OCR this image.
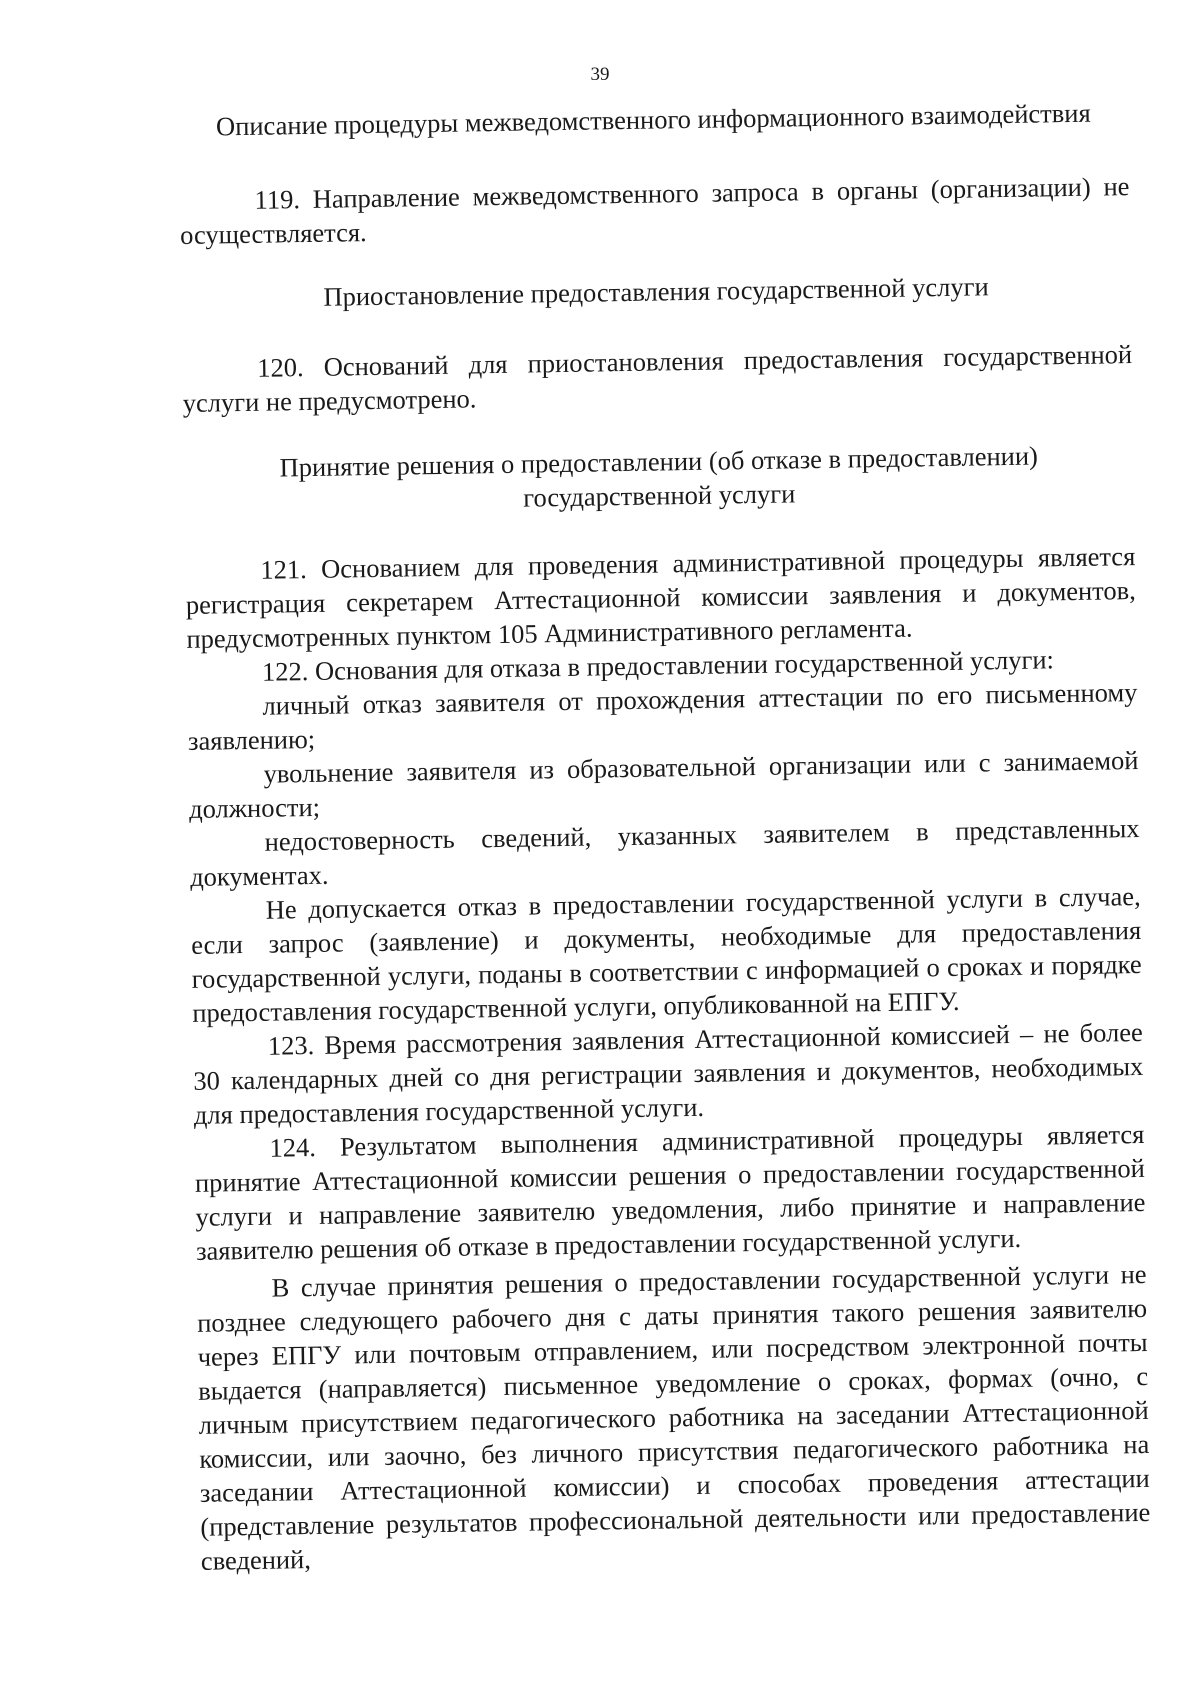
39

Описание процедуры межведомственного информационного взаимодействия

119. Направление межведомственного запроса в органы (организации) не осуществляется.

Приостановление предоставления государственной услуги

120. Оснований для приостановления предоставления государственной услуги не предусмотрено.

Принятие решения о предоставлении (об отказе в предоставлении) государственной услуги

121. Основанием для проведения административной процедуры является регистрация секретарем Аттестационной комиссии заявления и документов, предусмотренных пунктом 105 Административного регламента.

122. Основания для отказа в предоставлении государственной услуги:

личный отказ заявителя от прохождения аттестации по его письменному заявлению;

увольнение заявителя из образовательной организации или с занимаемой должности;

недостоверность сведений, указанных заявителем в представленных документах.

Не допускается отказ в предоставлении государственной услуги в случае, если запрос (заявление) и документы, необходимые для предоставления государственной услуги, поданы в соответствии с информацией о сроках и порядке предоставления государственной услуги, опубликованной на ЕПГУ.

123. Время рассмотрения заявления Аттестационной комиссией – не более 30 календарных дней со дня регистрации заявления и документов, необходимых для предоставления государственной услуги.

124. Результатом выполнения административной процедуры является принятие Аттестационной комиссии решения о предоставлении государственной услуги и направление заявителю уведомления, либо принятие и направление заявителю решения об отказе в предоставлении государственной услуги.

В случае принятия решения о предоставлении государственной услуги не позднее следующего рабочего дня с даты принятия такого решения заявителю через ЕПГУ или почтовым отправлением, или посредством электронной почты выдается (направляется) письменное уведомление о сроках, формах (очно, с личным присутствием педагогического работника на заседании Аттестационной комиссии, или заочно, без личного присутствия педагогического работника на заседании Аттестационной комиссии) и способах проведения аттестации (представление результатов профессиональной деятельности или предоставление сведений,
